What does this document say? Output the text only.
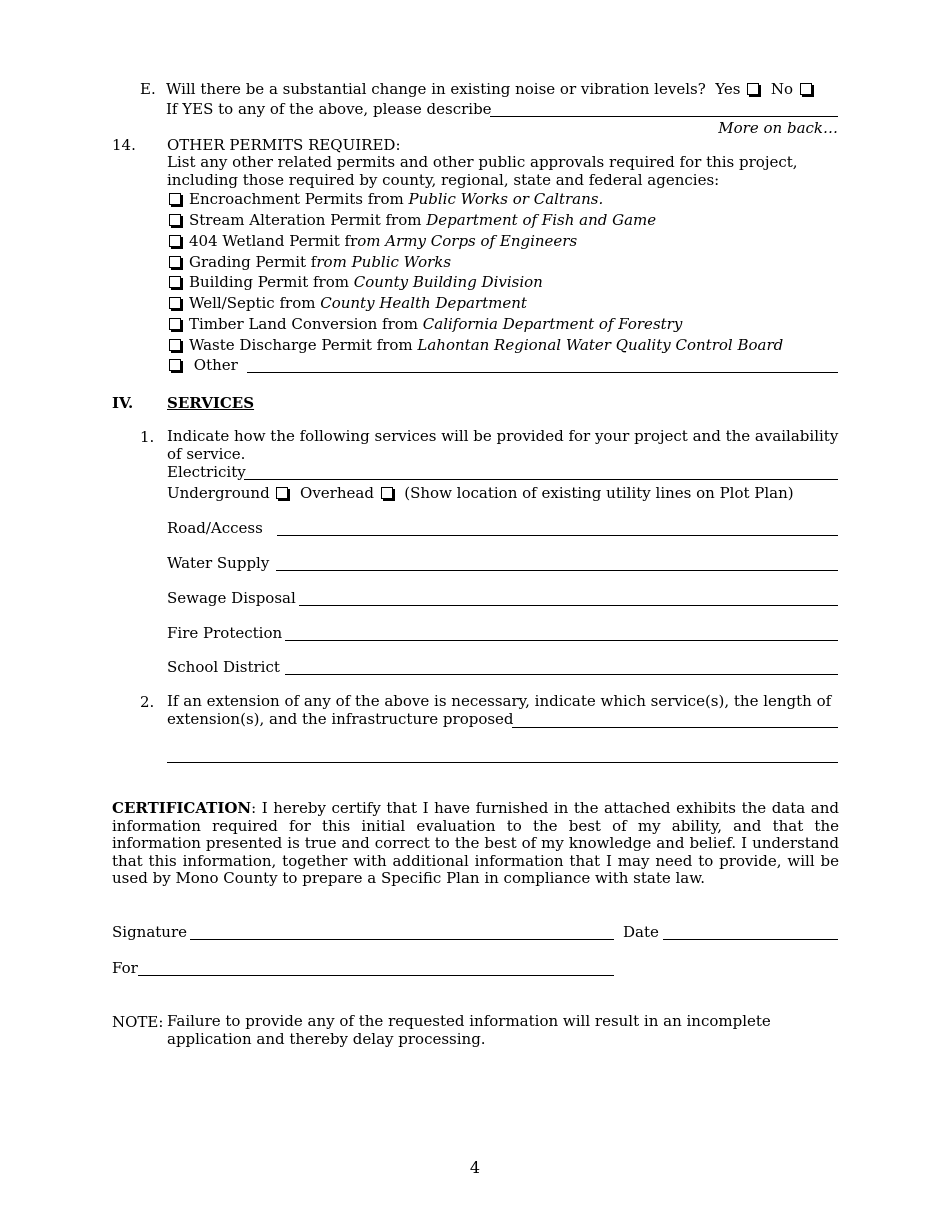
E. Will there be a substantial change in existing noise or vibration levels? Yes No
If YES to any of the above, please describe
More on back…
14. OTHER PERMITS REQUIRED:
List any other related permits and other public approvals required for this project, including those required by county, regional, state and federal agencies:
Encroachment Permits from Public Works or Caltrans.
Stream Alteration Permit from Department of Fish and Game
404 Wetland Permit from Army Corps of Engineers
Grading Permit from Public Works
Building Permit from County Building Division
Well/Septic from County Health Department
Timber Land Conversion from California Department of Forestry
Waste Discharge Permit from Lahontan Regional Water Quality Control Board
Other
IV. SERVICES
1. Indicate how the following services will be provided for your project and the availability of service.
Electricity
Underground Overhead (Show location of existing utility lines on Plot Plan)
Road/Access
Water Supply
Sewage Disposal
Fire Protection
School District
2. If an extension of any of the above is necessary, indicate which service(s), the length of extension(s), and the infrastructure proposed
CERTIFICATION: I hereby certify that I have furnished in the attached exhibits the data and information required for this initial evaluation to the best of my ability, and that the information presented is true and correct to the best of my knowledge and belief. I understand that this information, together with additional information that I may need to provide, will be used by Mono County to prepare a Specific Plan in compliance with state law.
Signature	Date
For
NOTE: Failure to provide any of the requested information will result in an incomplete application and thereby delay processing.
4
